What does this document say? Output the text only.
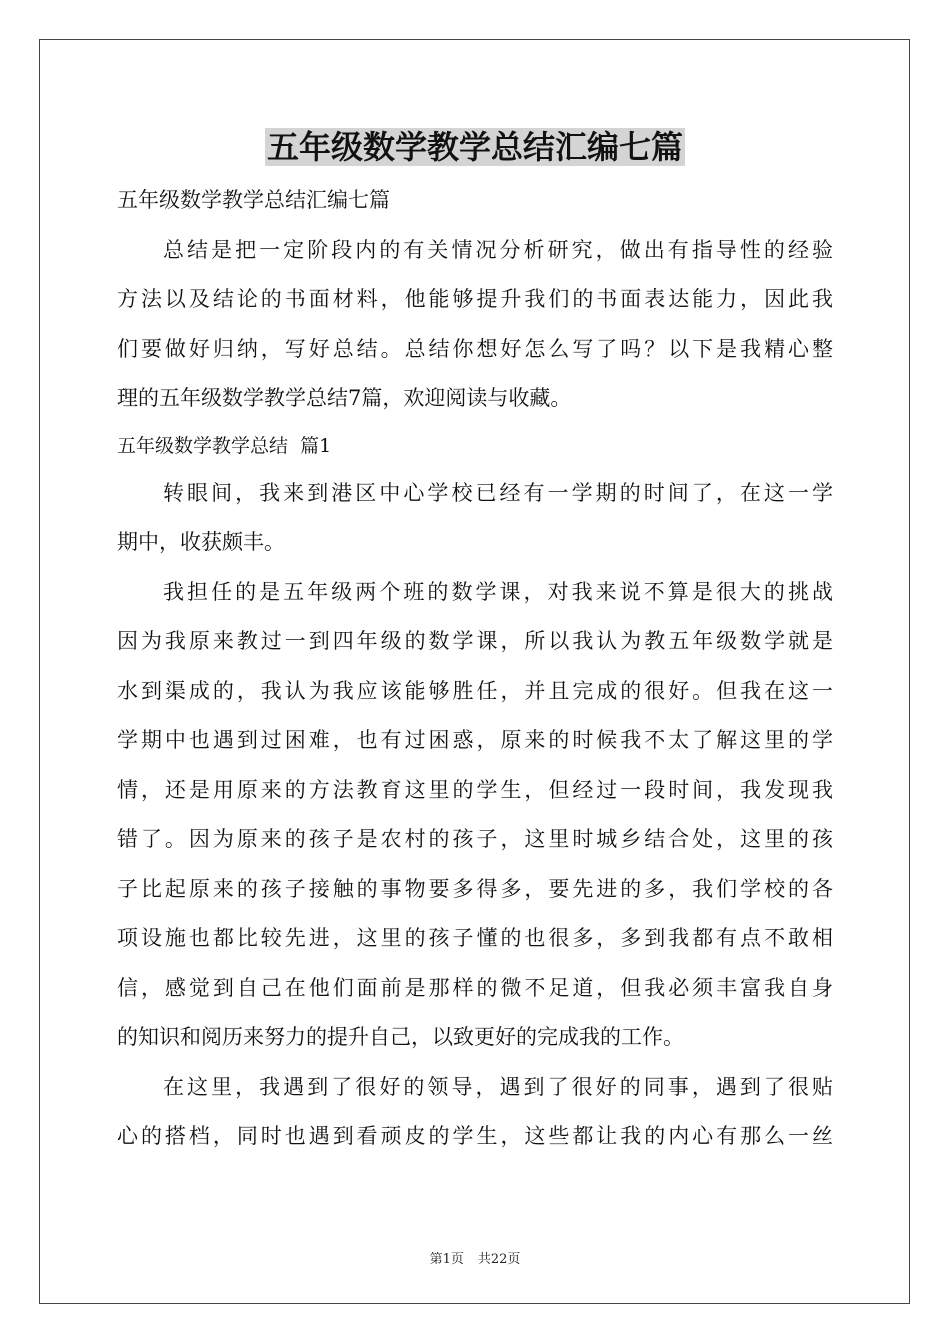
五年级数学教学总结汇编七篇
五年级数学教学总结汇编七篇
总结是把一定阶段内的有关情况分析研究，做出有指导性的经验
方法以及结论的书面材料，他能够提升我们的书面表达能力，因此我
们要做好归纳，写好总结。总结你想好怎么写了吗？以下是我精心整
理的五年级数学教学总结7篇，欢迎阅读与收藏。
五年级数学教学总结  篇1
转眼间，我来到港区中心学校已经有一学期的时间了，在这一学
期中，收获颇丰。
我担任的是五年级两个班的数学课，对我来说不算是很大的挑战
因为我原来教过一到四年级的数学课，所以我认为教五年级数学就是
水到渠成的，我认为我应该能够胜任，并且完成的很好。但我在这一
学期中也遇到过困难，也有过困惑，原来的时候我不太了解这里的学
情，还是用原来的方法教育这里的学生，但经过一段时间，我发现我
错了。因为原来的孩子是农村的孩子，这里时城乡结合处，这里的孩
子比起原来的孩子接触的事物要多得多，要先进的多，我们学校的各
项设施也都比较先进，这里的孩子懂的也很多，多到我都有点不敢相
信，感觉到自己在他们面前是那样的微不足道，但我必须丰富我自身
的知识和阅历来努力的提升自己，以致更好的完成我的工作。
在这里，我遇到了很好的领导，遇到了很好的同事，遇到了很贴
心的搭档，同时也遇到看顽皮的学生，这些都让我的内心有那么一丝
第1页 共22页
